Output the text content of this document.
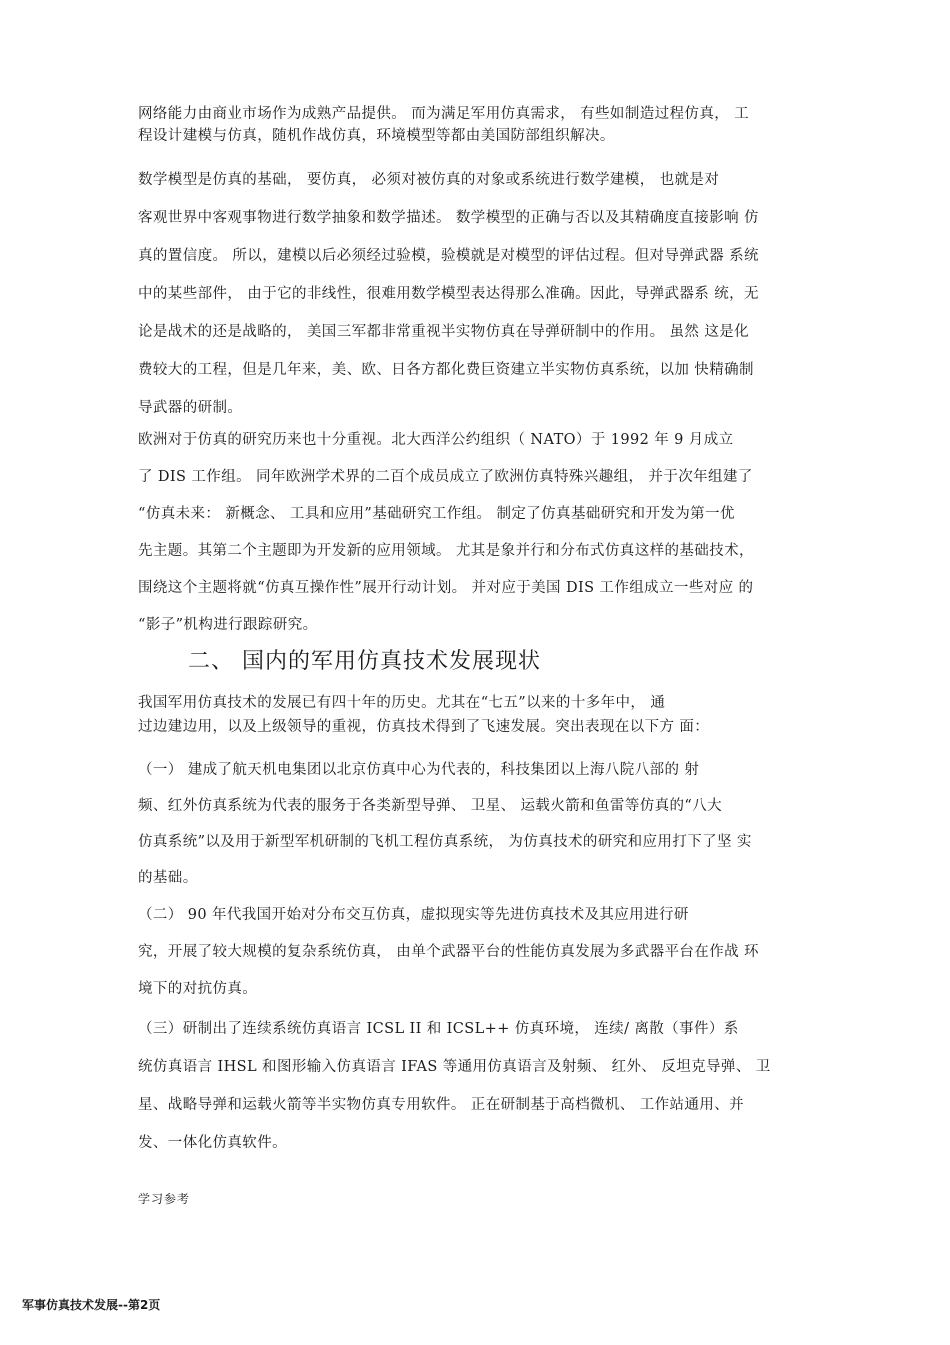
网络能力由商业市场作为成熟产品提供。 而为满足军用仿真需求， 有些如制造过程仿真， 工
程设计建模与仿真，随机作战仿真，环境模型等都由美国防部组织解决。
数学模型是仿真的基础， 要仿真， 必须对被仿真的对象或系统进行数学建模， 也就是对
客观世界中客观事物进行数学抽象和数学描述。 数学模型的正确与否以及其精确度直接影响 仿
真的置信度。 所以，建模以后必须经过验模，验模就是对模型的评估过程。但对导弹武器 系统
中的某些部件， 由于它的非线性，很难用数学模型表达得那么准确。因此，导弹武器系 统，无
论是战术的还是战略的， 美国三军都非常重视半实物仿真在导弹研制中的作用。 虽然 这是化
费较大的工程，但是几年来，美、欧、日各方都化费巨资建立半实物仿真系统，以加 快精确制
导武器的研制。
欧洲对于仿真的研究历来也十分重视。北大西洋公约组织（ NATO）于 1992 年 9 月成立
了 DIS 工作组。 同年欧洲学术界的二百个成员成立了欧洲仿真特殊兴趣组， 并于次年组建了
“仿真未来： 新概念、 工具和应用”基础研究工作组。 制定了仿真基础研究和开发为第一优
先主题。其第二个主题即为开发新的应用领域。 尤其是象并行和分布式仿真这样的基础技术，
围绕这个主题将就“仿真互操作性”展开行动计划。 并对应于美国 DIS 工作组成立一些对应 的
“影子”机构进行跟踪研究。
二、 国内的军用仿真技术发展现状
我国军用仿真技术的发展已有四十年的历史。尤其在“七五”以来的十多年中， 通
过边建边用，以及上级领导的重视，仿真技术得到了飞速发展。突出表现在以下方 面：
（一） 建成了航天机电集团以北京仿真中心为代表的，科技集团以上海八院八部的 射
频、红外仿真系统为代表的服务于各类新型导弹、 卫星、 运载火箭和鱼雷等仿真的“八大
仿真系统”以及用于新型军机研制的飞机工程仿真系统， 为仿真技术的研究和应用打下了坚 实
的基础。
（二） 90 年代我国开始对分布交互仿真，虚拟现实等先进仿真技术及其应用进行研
究，开展了较大规模的复杂系统仿真， 由单个武器平台的性能仿真发展为多武器平台在作战 环
境下的对抗仿真。
（三）研制出了连续系统仿真语言 ICSL II 和 ICSL++ 仿真环境， 连续/ 离散（事件）系
统仿真语言 IHSL 和图形输入仿真语言 IFAS 等通用仿真语言及射频、 红外、 反坦克导弹、 卫
星、战略导弹和运载火箭等半实物仿真专用软件。 正在研制基于高档微机、 工作站通用、并
发、一体化仿真软件。
学习参考
军事仿真技术发展--第2页
